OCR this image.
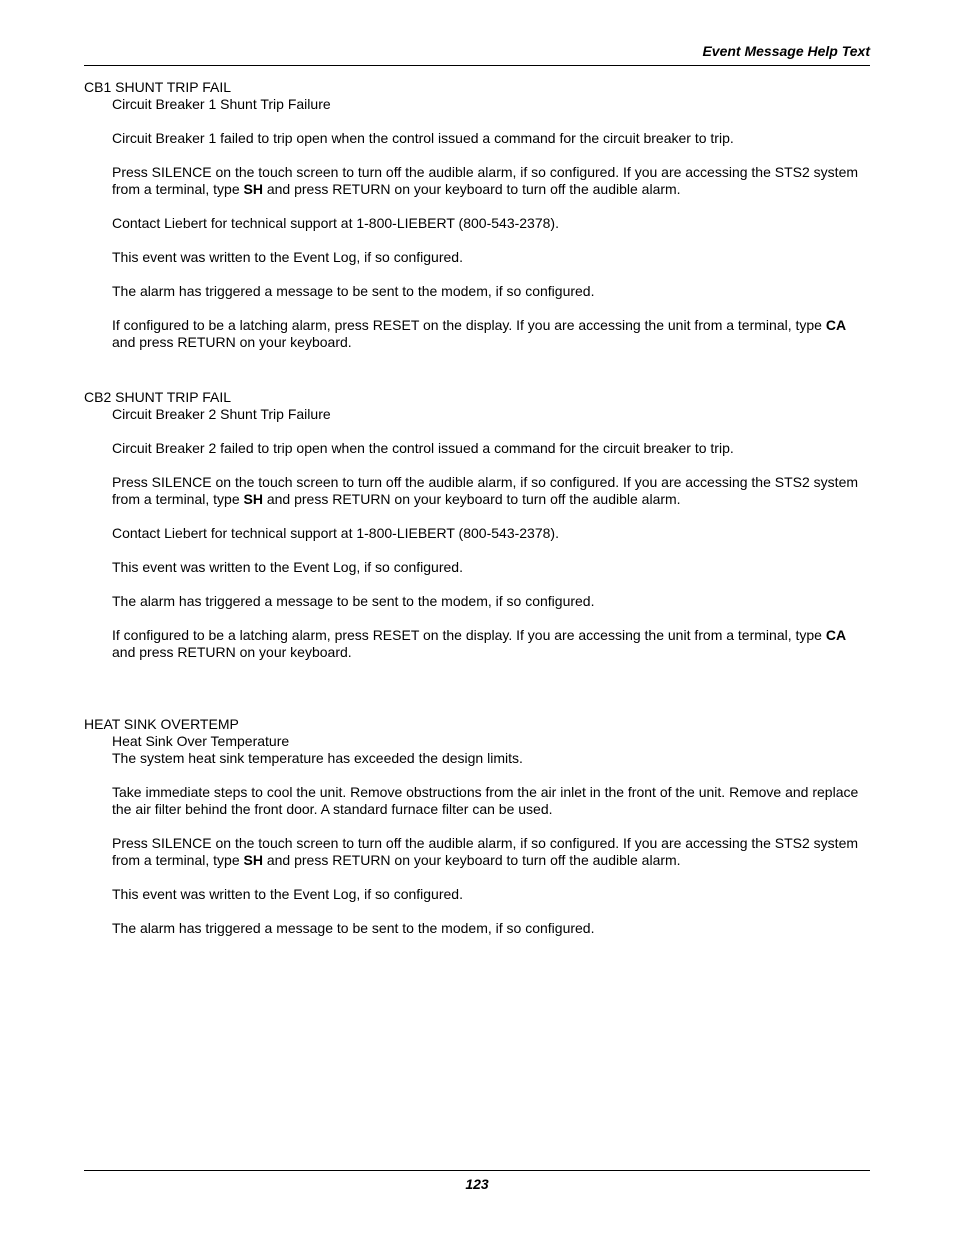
Event Message Help Text

CB1 SHUNT TRIP FAIL

Circuit Breaker 1 Shunt Trip Failure

Circuit Breaker 1 failed to trip open when the control issued a command for the circuit breaker to trip.

Press SILENCE on the touch screen to turn off the audible alarm, if so configured. If you are accessing the STS2 system from a terminal, type SH and press RETURN on your keyboard to turn off the audible alarm.

Contact Liebert for technical support at 1-800-LIEBERT (800-543-2378).

This event was written to the Event Log, if so configured.

The alarm has triggered a message to be sent to the modem, if so configured.

If configured to be a latching alarm, press RESET on the display. If you are accessing the unit from a terminal, type CA and press RETURN on your keyboard.

CB2 SHUNT TRIP FAIL

Circuit Breaker 2 Shunt Trip Failure

Circuit Breaker 2 failed to trip open when the control issued a command for the circuit breaker to trip.

Press SILENCE on the touch screen to turn off the audible alarm, if so configured. If you are accessing the STS2 system from a terminal, type SH and press RETURN on your keyboard to turn off the audible alarm.

Contact Liebert for technical support at 1-800-LIEBERT (800-543-2378).

This event was written to the Event Log, if so configured.

The alarm has triggered a message to be sent to the modem, if so configured.

If configured to be a latching alarm, press RESET on the display. If you are accessing the unit from a terminal, type CA and press RETURN on your keyboard.

HEAT SINK OVERTEMP

Heat Sink Over Temperature

The system heat sink temperature has exceeded the design limits.

Take immediate steps to cool the unit. Remove obstructions from the air inlet in the front of the unit. Remove and replace the air filter behind the front door. A standard furnace filter can be used.

Press SILENCE on the touch screen to turn off the audible alarm, if so configured. If you are accessing the STS2 system from a terminal, type SH and press RETURN on your keyboard to turn off the audible alarm.

This event was written to the Event Log, if so configured.

The alarm has triggered a message to be sent to the modem, if so configured.

123
